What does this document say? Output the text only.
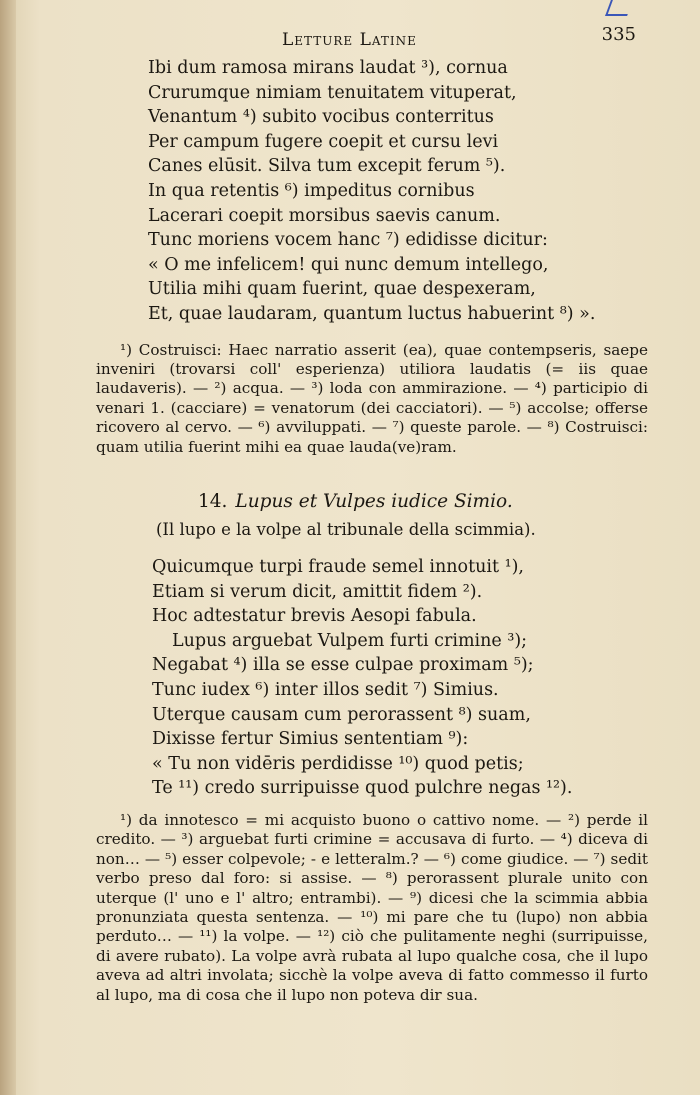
Letture Latine	335
Ibi dum ramosa mirans laudat ³), cornua
Crurumque nimiam tenuitatem vituperat,
Venantum ⁴) subito vocibus conterritus
Per campum fugere coepit et cursu levi
Canes elūsit. Silva tum excepit ferum ⁵).
In qua retentis ⁶) impeditus cornibus
Lacerari coepit morsibus saevis canum.
Tunc moriens vocem hanc ⁷) edidisse dicitur:
« O me infelicem! qui nunc demum intellego,
Utilia mihi quam fuerint, quae despexeram,
Et, quae laudaram, quantum luctus habuerint ⁸) ».

¹) Costruisci: Haec narratio asserit (ea), quae contempseris, saepe inveniri (trovarsi coll' esperienza) utiliora laudatis (= iis quae laudaveris). — ²) acqua. — ³) loda con ammirazione. — ⁴) participio di venari 1. (cacciare) = venatorum (dei cacciatori). — ⁵) accolse; offerse ricovero al cervo. — ⁶) avviluppati. — ⁷) queste parole. — ⁸) Costruisci: quam utilia fuerint mihi ea quae lauda(ve)ram.

14. Lupus et Vulpes iudice Simio.
(Il lupo e la volpe al tribunale della scimmia).
Quicumque turpi fraude semel innotuit ¹),
Etiam si verum dicit, amittit fidem ²).
Hoc adtestatur brevis Aesopi fabula.
Lupus arguebat Vulpem furti crimine ³);
Negabat ⁴) illa se esse culpae proximam ⁵);
Tunc iudex ⁶) inter illos sedit ⁷) Simius.
Uterque causam cum perorassent ⁸) suam,
Dixisse fertur Simius sententiam ⁹):
« Tu non vidēris perdidisse ¹⁰) quod petis;
Te ¹¹) credo surripuisse quod pulchre negas ¹²).

¹) da innotesco = mi acquisto buono o cattivo nome. — ²) perde il credito. — ³) arguebat furti crimine = accusava di furto. — ⁴) diceva di non… — ⁵) esser colpevole; - e letteralm.? — ⁶) come giudice. — ⁷) sedit verbo preso dal foro: si assise. — ⁸) perorassent plurale unito con uterque (l' uno e l' altro; entrambi). — ⁹) dicesi che la scimmia abbia pronunziata questa sentenza. — ¹⁰) mi pare che tu (lupo) non abbia perduto… — ¹¹) la volpe. — ¹²) ciò che pulitamente neghi (surripuisse, di avere rubato). La volpe avrà rubata al lupo qualche cosa, che il lupo aveva ad altri involata; sicchè la volpe aveva di fatto commesso il furto al lupo, ma di cosa che il lupo non poteva dir sua.
